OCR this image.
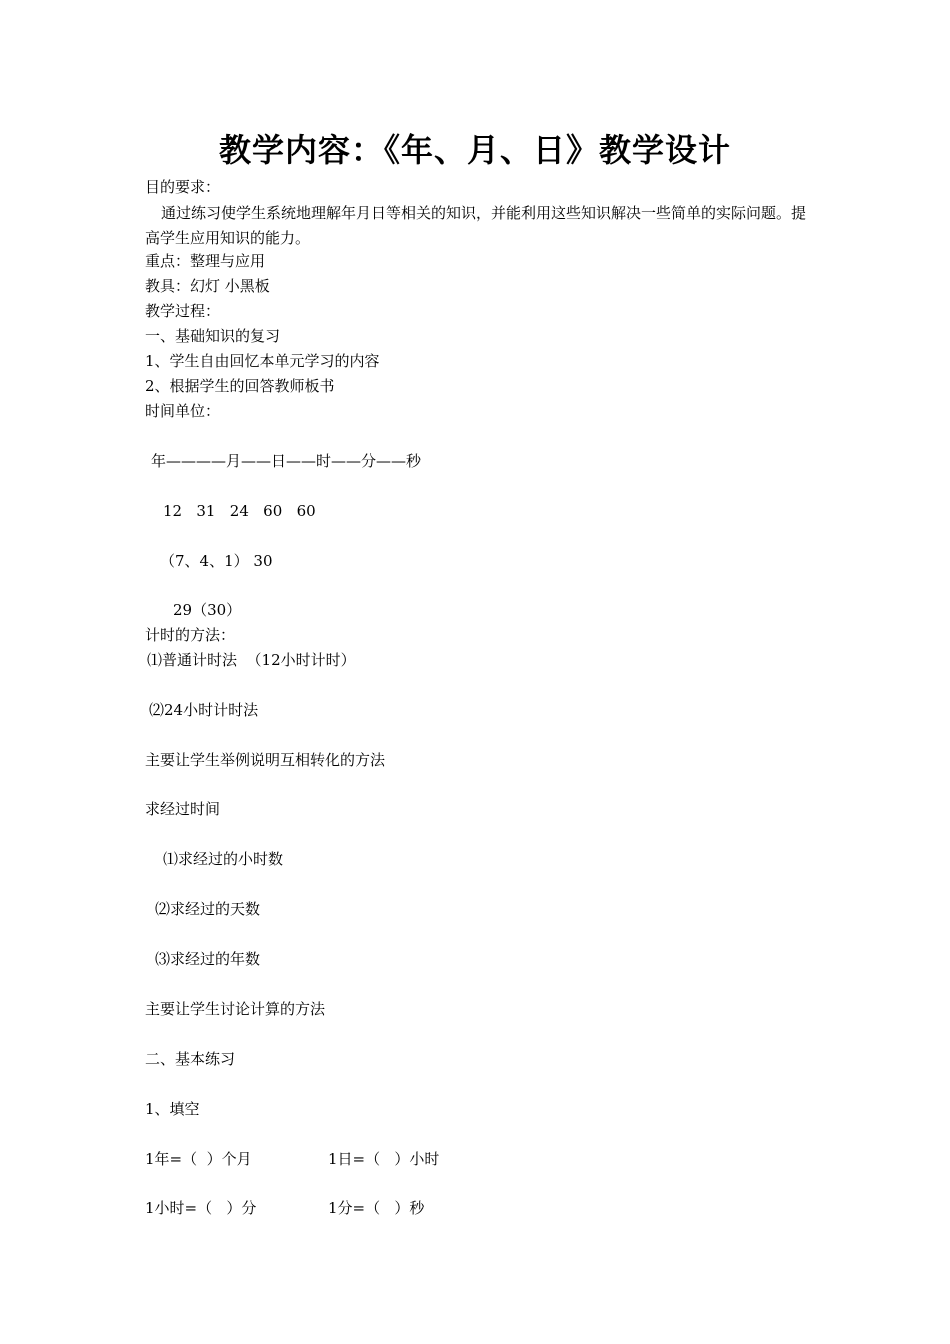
教学内容：《年、月、日》教学设计
目的要求：
通过练习使学生系统地理解年月日等相关的知识，并能利用这些知识解决一些简单的实际问题。提高学生应用知识的能力。
重点：整理与应用
教具：幻灯 小黑板
教学过程：
一、基础知识的复习
1、学生自由回忆本单元学习的内容
2、根据学生的回答教师板书
时间单位：
年————月——日——时——分——秒
12   31   24   60   60
（7、4、1） 30
29（30）
计时的方法：
⑴普通计时法  （12小时计时）
⑵24小时计时法
主要让学生举例说明互相转化的方法
求经过时间
⑴求经过的小时数
⑵求经过的天数
⑶求经过的年数
主要让学生讨论计算的方法
二、基本练习
1、填空
1年=（  ）个月	1日=（   ）小时
1小时=（   ）分	1分=（   ）秒
